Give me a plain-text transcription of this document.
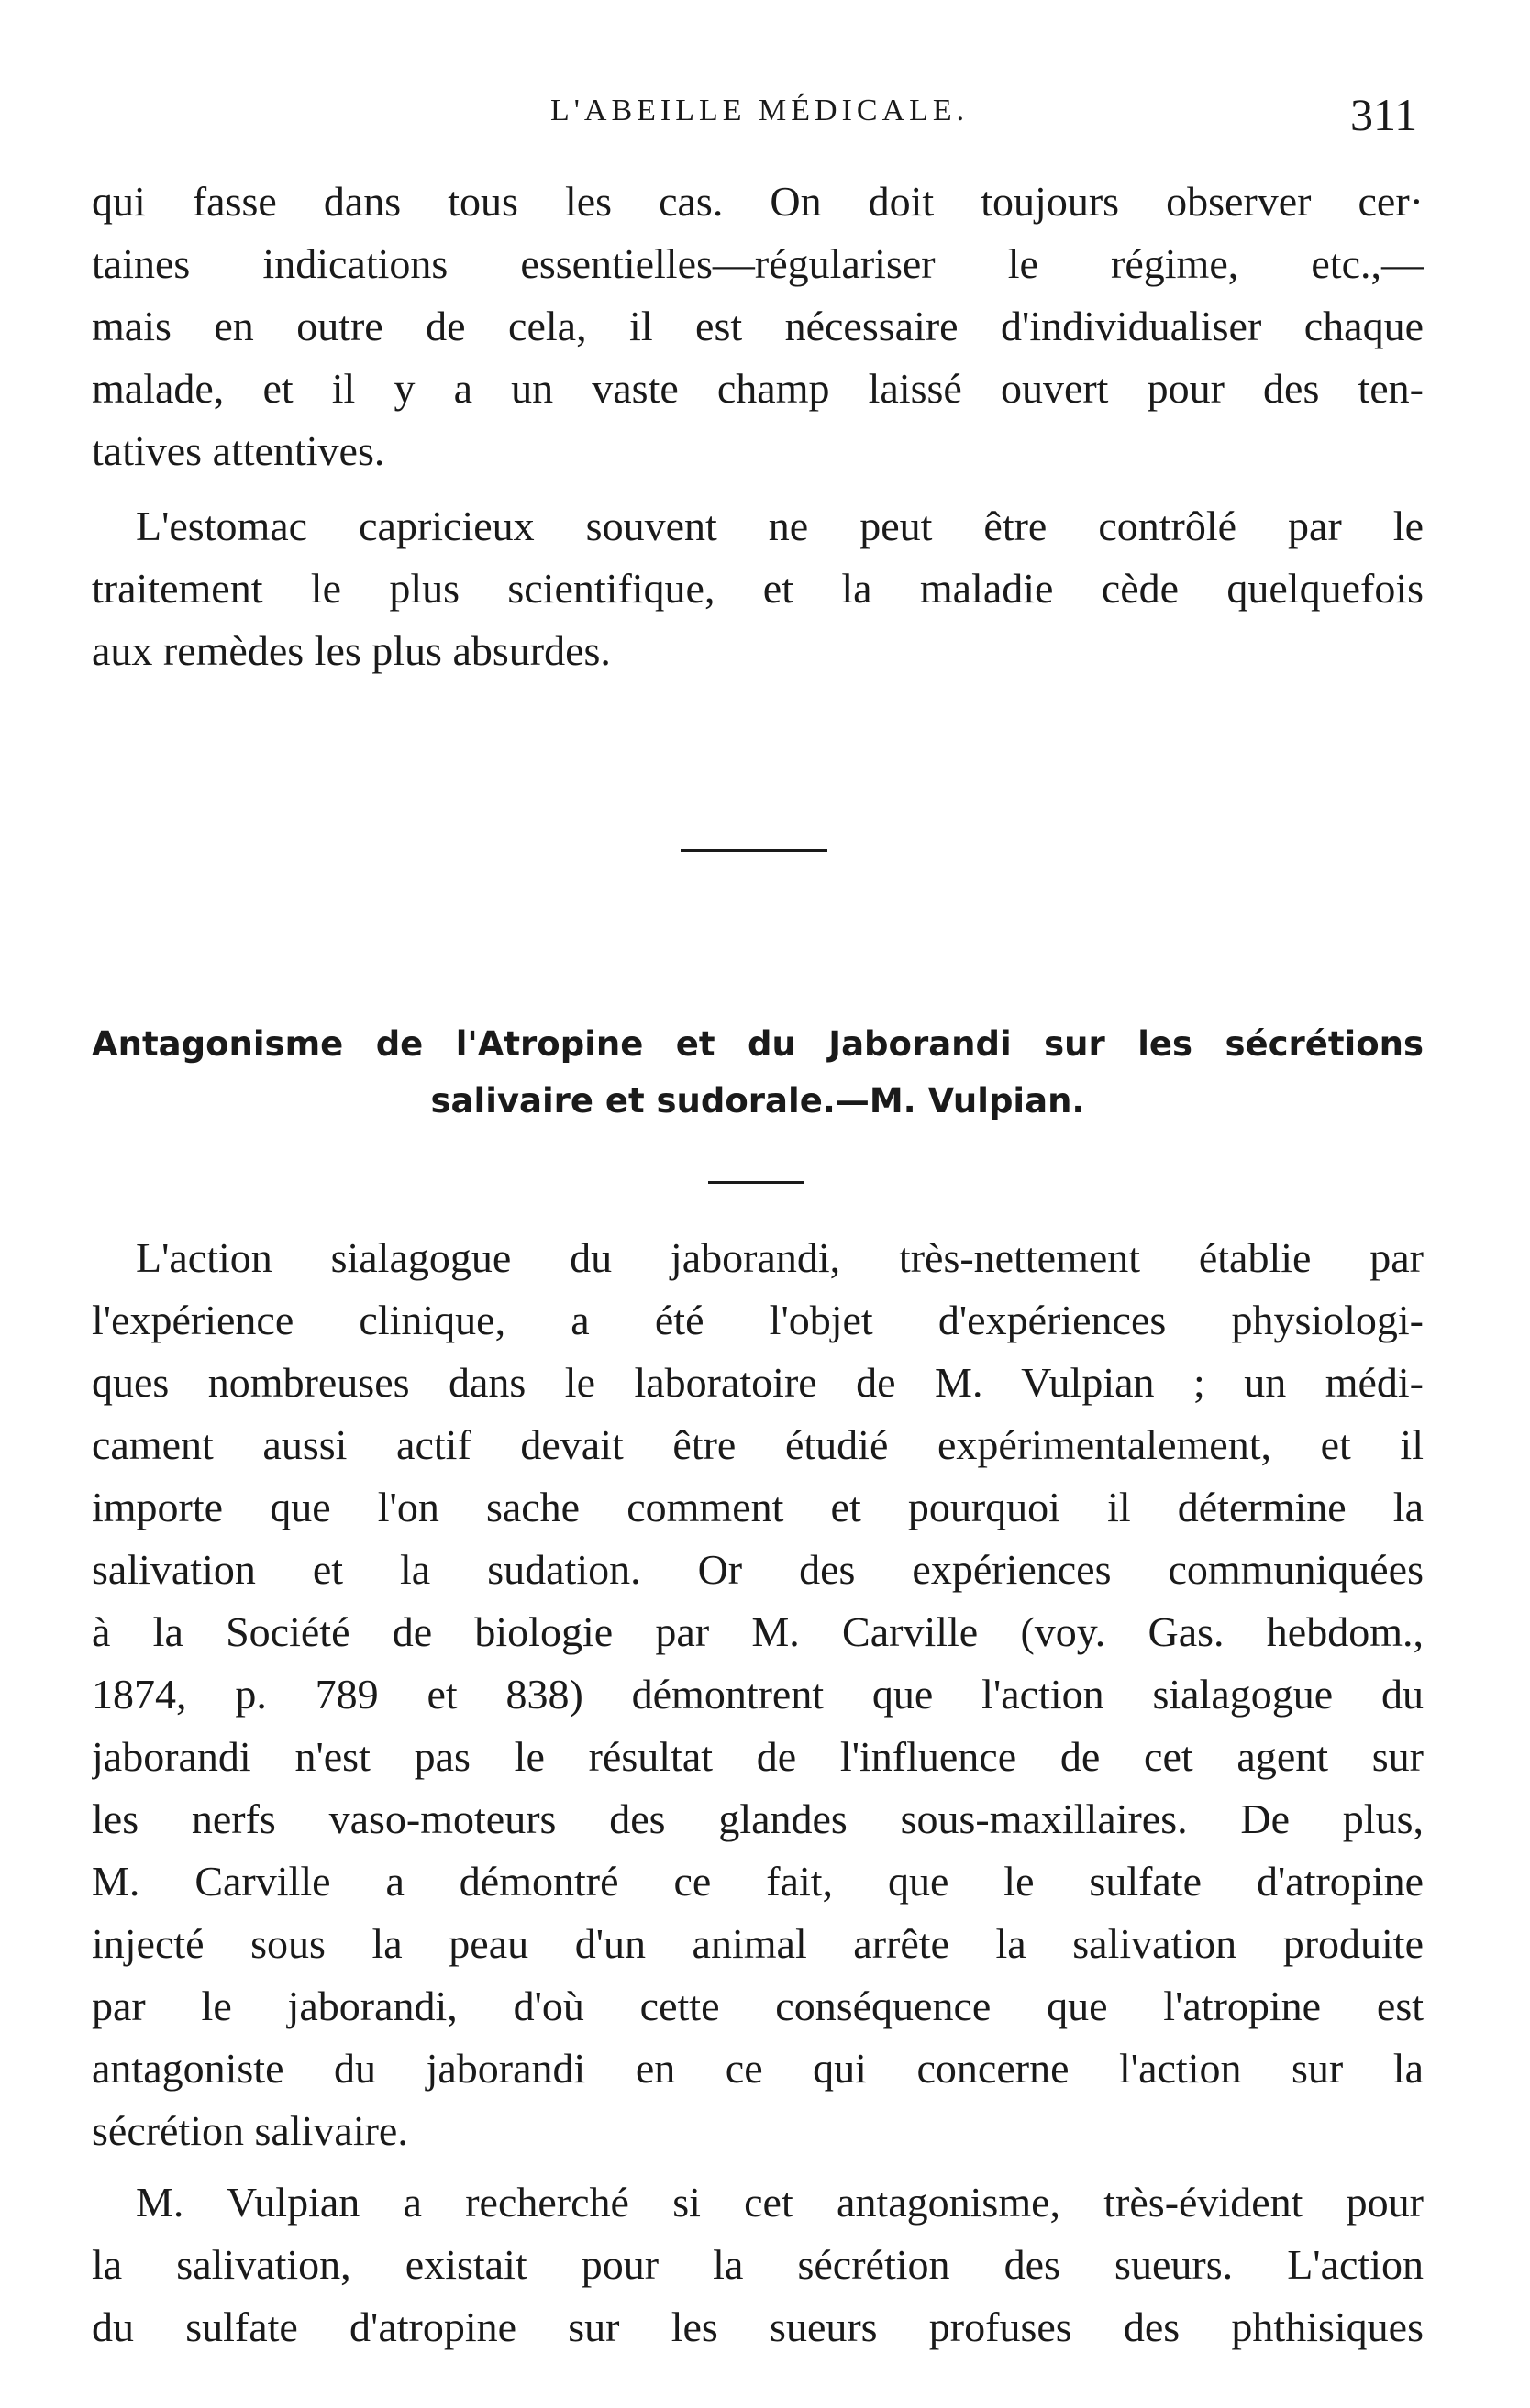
L'ABEILLE MÉDICALE.	311
qui fasse dans tous les cas. On doit toujours observer cer·
taines indications essentielles—régulariser le régime, etc.,—
mais en outre de cela, il est nécessaire d'individualiser chaque
malade, et il y a un vaste champ laissé ouvert pour des ten-
tatives attentives.
L'estomac capricieux souvent ne peut être contrôlé par le
traitement le plus scientifique, et la maladie cède quelquefois
aux remèdes les plus absurdes.
Antagonisme de l'Atropine et du Jaborandi sur les sécrétions
salivaire et sudorale.—M. Vulpian.
L'action sialagogue du jaborandi, très-nettement établie par
l'expérience clinique, a été l'objet d'expériences physiologi-
ques nombreuses dans le laboratoire de M. Vulpian ; un médi-
cament aussi actif devait être étudié expérimentalement, et il
importe que l'on sache comment et pourquoi il détermine la
salivation et la sudation. Or des expériences communiquées
à la Société de biologie par M. Carville (voy. Gas. hebdom.,
1874, p. 789 et 838) démontrent que l'action sialagogue du
jaborandi n'est pas le résultat de l'influence de cet agent sur
les nerfs vaso-moteurs des glandes sous-maxillaires. De plus,
M. Carville a démontré ce fait, que le sulfate d'atropine
injecté sous la peau d'un animal arrête la salivation produite
par le jaborandi, d'où cette conséquence que l'atropine est
antagoniste du jaborandi en ce qui concerne l'action sur la
sécrétion salivaire.
M. Vulpian a recherché si cet antagonisme, très-évident pour
la salivation, existait pour la sécrétion des sueurs. L'action
du sulfate d'atropine sur les sueurs profuses des phthisiques
